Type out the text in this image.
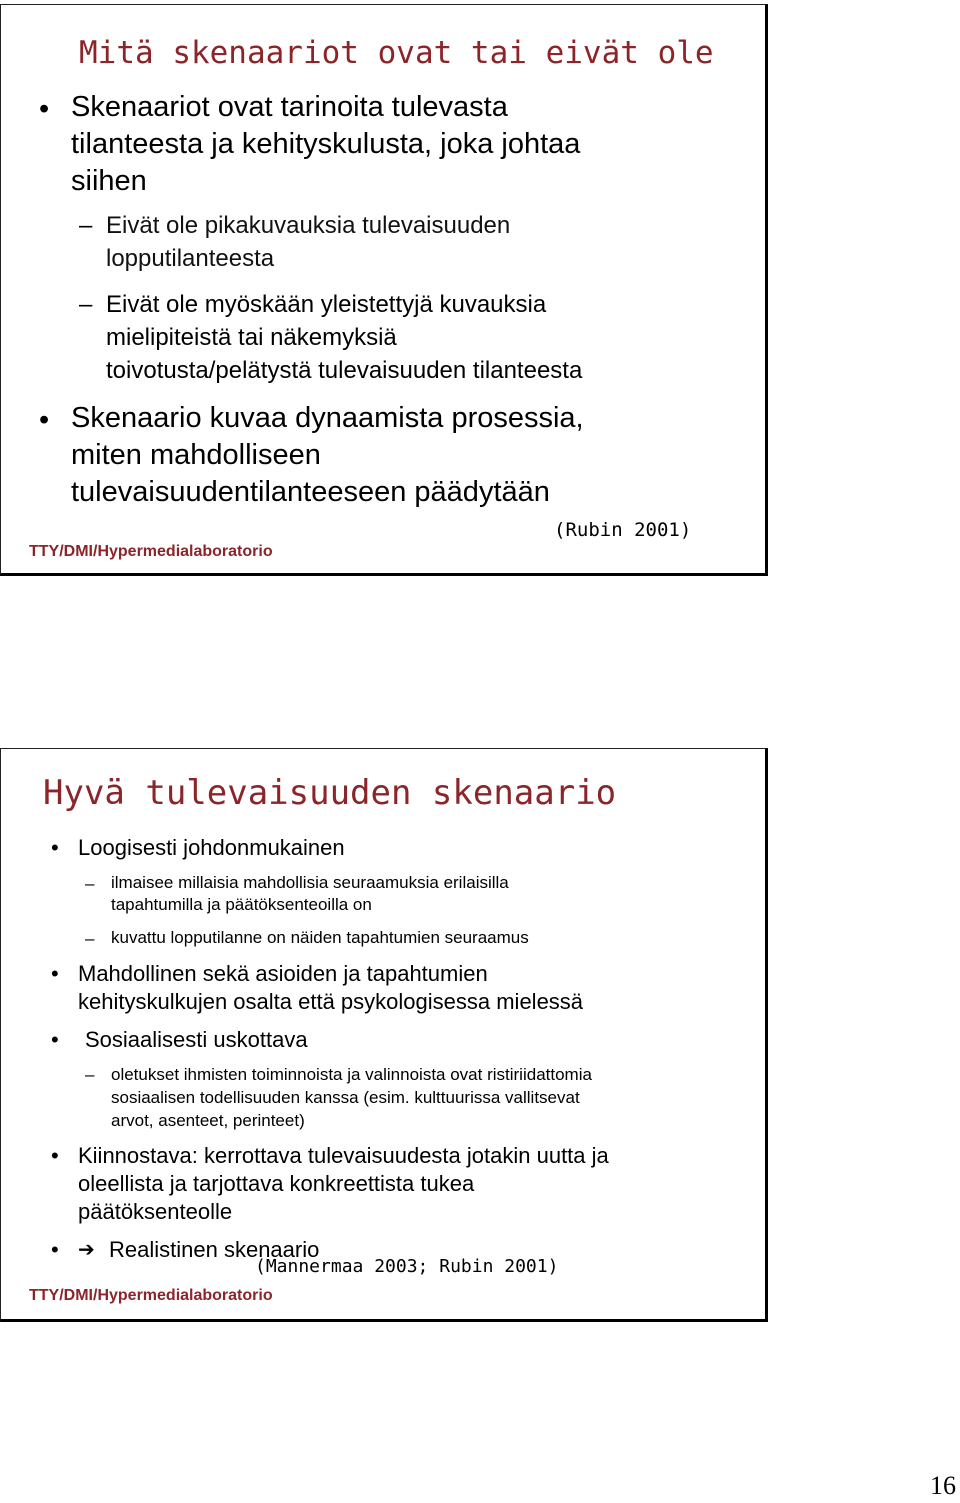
Mitä skenaariot ovat tai eivät ole
• Skenaariot ovat tarinoita tulevasta
tilanteesta ja kehityskulusta, joka johtaa
siihen
– Eivät ole pikakuvauksia tulevaisuuden
lopputilanteesta
– Eivät ole myöskään yleistettyjä kuvauksia
mielipiteistä tai näkemyksiä
toivotusta/pelätystä tulevaisuuden tilanteesta
• Skenaario kuvaa dynaamista prosessia,
miten mahdolliseen
tulevaisuudentilanteeseen päädytään
(Rubin 2001)
TTY/DMI/Hypermedialaboratorio
Hyvä tulevaisuuden skenaario
• Loogisesti johdonmukainen
– ilmaisee millaisia mahdollisia seuraamuksia erilaisilla
tapahtumilla ja päätöksenteoilla on
– kuvattu lopputilanne on näiden tapahtumien seuraamus
• Mahdollinen sekä asioiden ja tapahtumien
kehityskulkujen osalta että psykologisessa mielessä
• Sosiaalisesti uskottava
– oletukset ihmisten toiminnoista ja valinnoista ovat ristiriidattomia
sosiaalisen todellisuuden kanssa (esim. kulttuurissa vallitsevat
arvot, asenteet, perinteet)
• Kiinnostava: kerrottava tulevaisuudesta jotakin uutta ja
oleellista ja tarjottava konkreettista tukea
päätöksenteolle
• ➔ Realistinen skenaario
(Mannermaa 2003; Rubin 2001)
TTY/DMI/Hypermedialaboratorio
16
